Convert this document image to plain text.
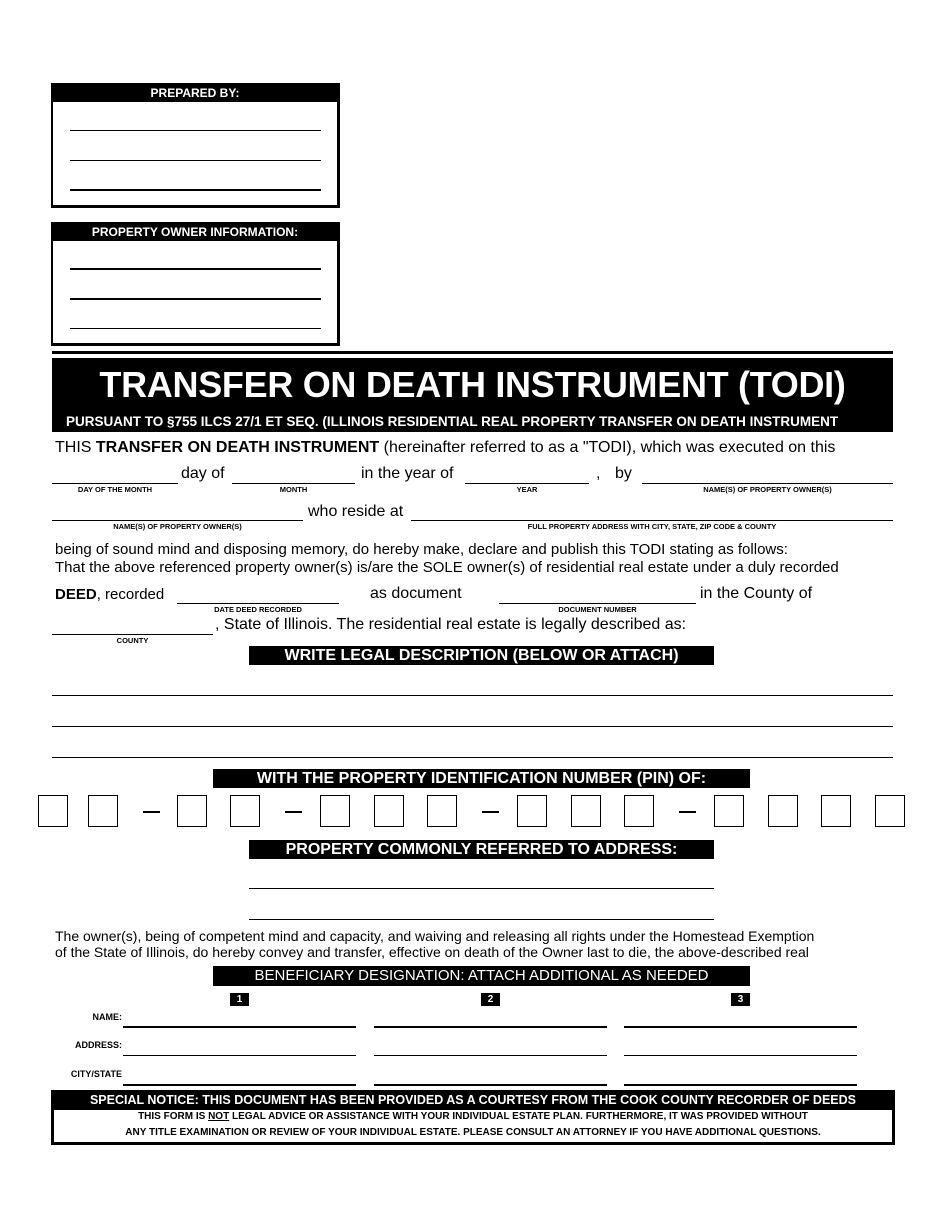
PREPARED BY:
PROPERTY OWNER INFORMATION:
TRANSFER ON DEATH INSTRUMENT (TODI)
PURSUANT TO §755 ILCS 27/1 ET SEQ. (ILLINOIS RESIDENTIAL REAL PROPERTY TRANSFER ON DEATH INSTRUMENT
THIS TRANSFER ON DEATH INSTRUMENT (hereinafter referred to as a "TODI), which was executed on this
DAY OF THE MONTH
day of
MONTH
in the year of
YEAR
, by
NAME(S) OF PROPERTY OWNER(S)
NAME(S) OF PROPERTY OWNER(S)
who reside at
FULL PROPERTY ADDRESS WITH CITY, STATE, ZIP CODE & COUNTY
being of sound mind and disposing memory, do hereby make, declare and publish this TODI stating as follows:
That the above referenced property owner(s) is/are the SOLE owner(s) of residential real estate under a duly recorded
DEED, recorded
DATE DEED RECORDED
as document
DOCUMENT NUMBER
in the County of
COUNTY
, State of Illinois. The residential real estate is legally described as:
WRITE LEGAL DESCRIPTION (BELOW OR ATTACH)
WITH THE PROPERTY IDENTIFICATION NUMBER (PIN) OF:
PROPERTY COMMONLY REFERRED TO ADDRESS:
The owner(s), being of competent mind and capacity, and waiving and releasing all rights under the Homestead Exemption
of the State of Illinois, do hereby convey and transfer, effective on death of the Owner last to die, the above-described real
BENEFICIARY DESIGNATION: ATTACH ADDITIONAL AS NEEDED
1	2	3
NAME:
ADDRESS:
CITY/STATE
SPECIAL NOTICE: THIS DOCUMENT HAS BEEN PROVIDED AS A COURTESY FROM THE COOK COUNTY RECORDER OF DEEDS
THIS FORM IS NOT LEGAL ADVICE OR ASSISTANCE WITH YOUR INDIVIDUAL ESTATE PLAN. FURTHERMORE, IT WAS PROVIDED WITHOUT
ANY TITLE EXAMINATION OR REVIEW OF YOUR INDIVIDUAL ESTATE. PLEASE CONSULT AN ATTORNEY IF YOU HAVE ADDITIONAL QUESTIONS.
